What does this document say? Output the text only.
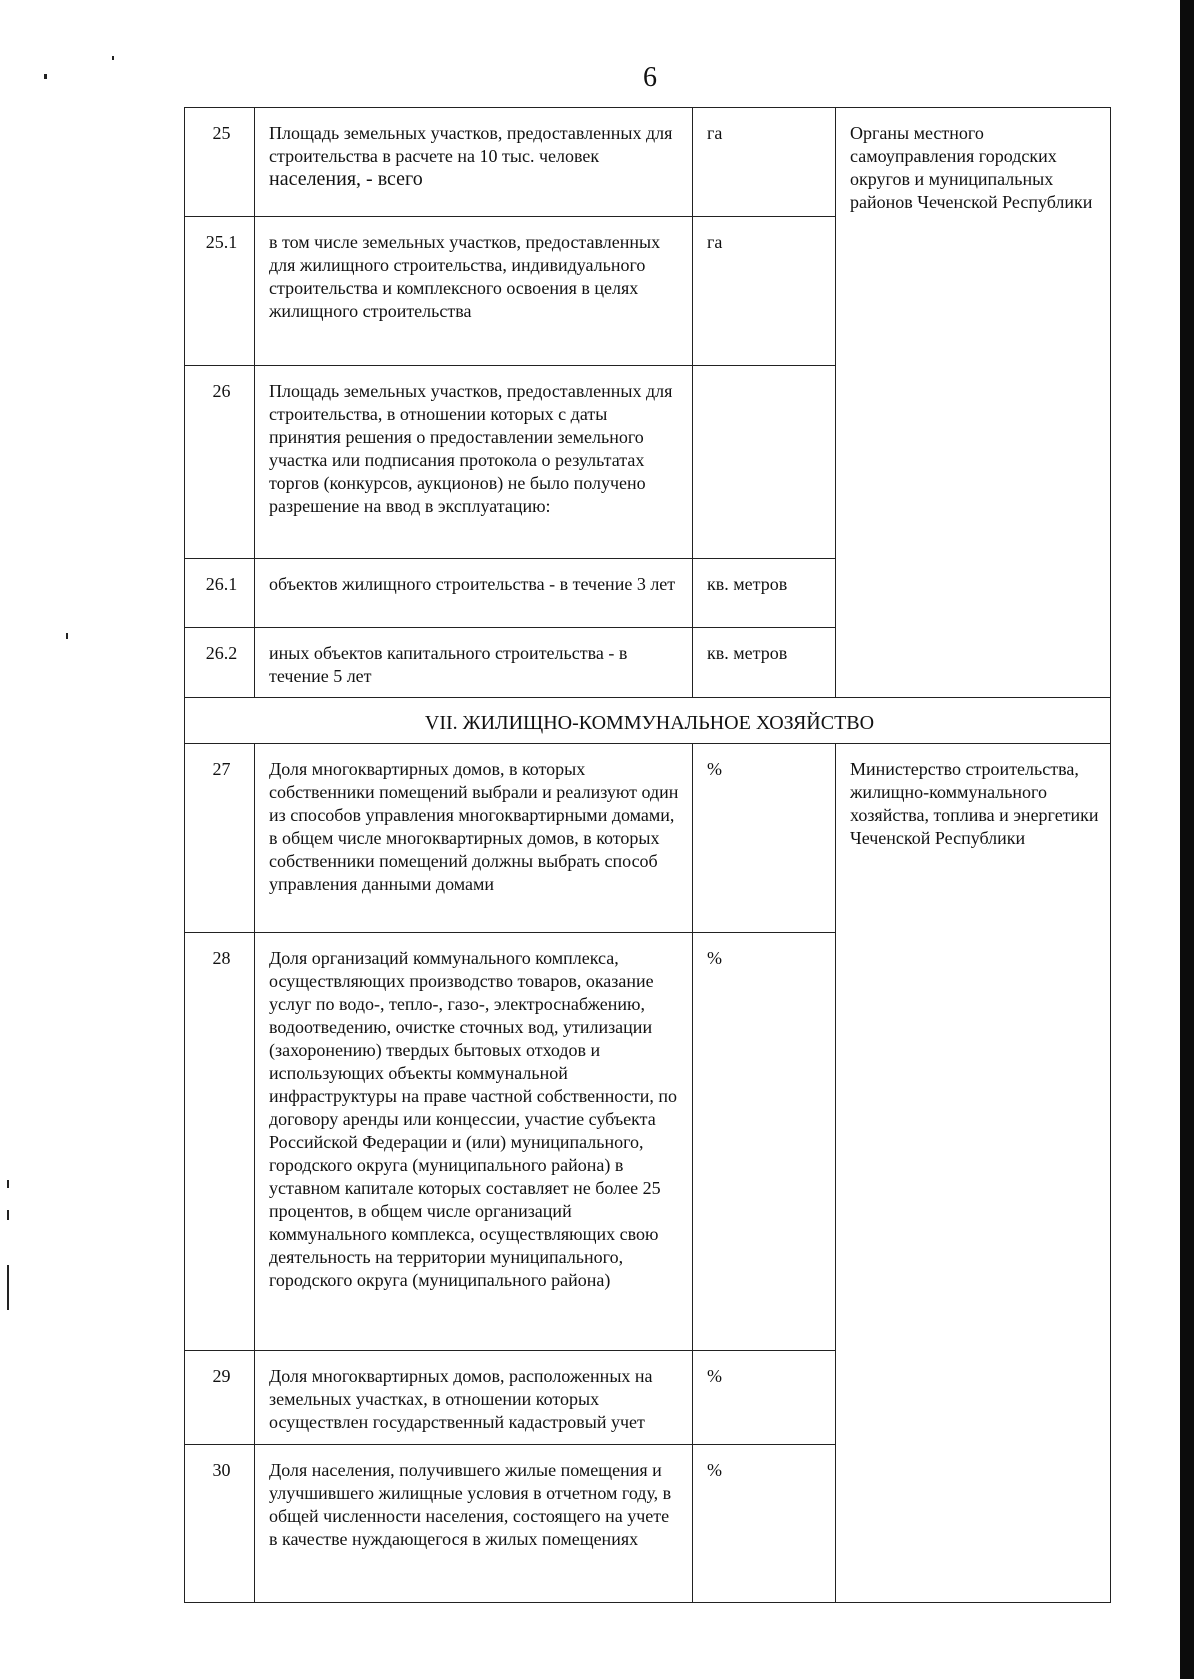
6
25	Площадь земельных участков, предоставленных для строительства в расчете на 10 тыс. человек населения, - всего	га	Органы местного самоуправления городских округов и муниципальных районов Чеченской Республики
25.1	в том числе земельных участков, предоставленных для жилищного строительства, индивидуального строительства и комплексного освоения в целях жилищного строительства	га	
26	Площадь земельных участков, предоставленных для строительства, в отношении которых с даты принятия решения о предоставлении земельного участка или подписания протокола о результатах торгов (конкурсов, аукционов) не было получено разрешение на ввод в эксплуатацию:		
26.1	объектов жилищного строительства - в течение 3 лет	кв. метров	
26.2	иных объектов капитального строительства - в течение 5 лет	кв. метров	
VII. ЖИЛИЩНО-КОММУНАЛЬНОЕ ХОЗЯЙСТВО			
27	Доля многоквартирных домов, в которых собственники помещений выбрали и реализуют один из способов управления многоквартирными домами, в общем числе многоквартирных домов, в которых собственники помещений должны выбрать способ управления данными домами	%	Министерство строительства, жилищно-коммунального хозяйства, топлива и энергетики Чеченской Республики
28	Доля организаций коммунального комплекса, осуществляющих производство товаров, оказание услуг по водо-, тепло-, газо-, электроснабжению, водоотведению, очистке сточных вод, утилизации (захоронению) твердых бытовых отходов и использующих объекты коммунальной инфраструктуры на праве частной собственности, по договору аренды или концессии, участие субъекта Российской Федерации и (или) муниципального, городского округа (муниципального района) в уставном капитале которых составляет не более 25 процентов, в общем числе организаций коммунального комплекса, осуществляющих свою деятельность на территории муниципального, городского округа (муниципального района)	%	
29	Доля многоквартирных домов, расположенных на земельных участках, в отношении которых осуществлен государственный кадастровый учет	%	
30	Доля населения, получившего жилые помещения и улучшившего жилищные условия в отчетном году, в общей численности населения, состоящего на учете в качестве нуждающегося в жилых помещениях	%	
